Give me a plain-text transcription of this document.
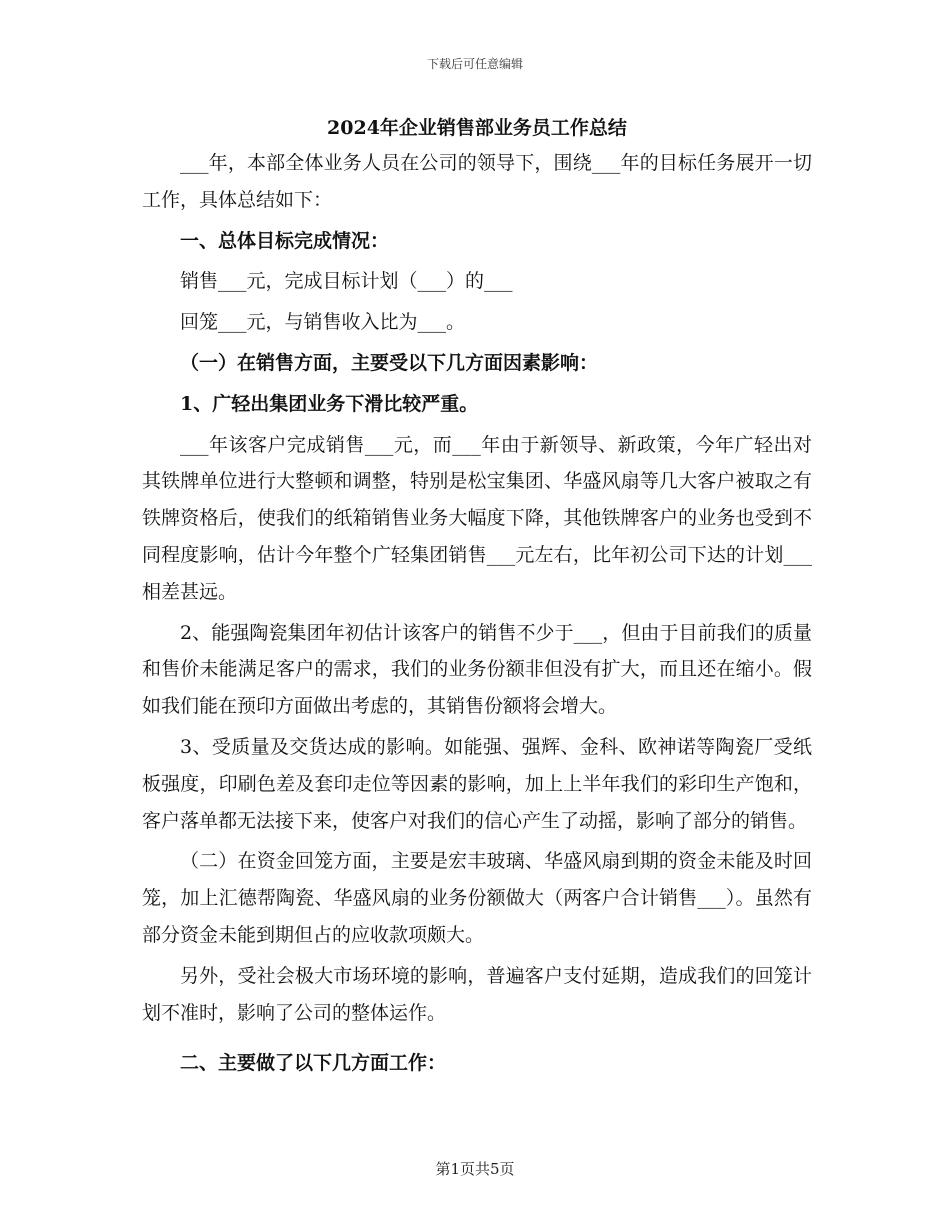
下载后可任意编辑
2024年企业销售部业务员工作总结

___年，本部全体业务人员在公司的领导下，围绕___年的目标任务展开一切工作，具体总结如下：

一、总体目标完成情况：

销售___元，完成目标计划（___）的___

回笼___元，与销售收入比为___。

（一）在销售方面，主要受以下几方面因素影响：

1、广轻出集团业务下滑比较严重。

___年该客户完成销售___元，而___年由于新领导、新政策，今年广轻出对其铁牌单位进行大整顿和调整，特别是松宝集团、华盛风扇等几大客户被取之有铁牌资格后，使我们的纸箱销售业务大幅度下降，其他铁牌客户的业务也受到不同程度影响，估计今年整个广轻集团销售___元左右，比年初公司下达的计划___相差甚远。

2、能强陶瓷集团年初估计该客户的销售不少于___，但由于目前我们的质量和售价未能满足客户的需求，我们的业务份额非但没有扩大，而且还在缩小。假如我们能在预印方面做出考虑的，其销售份额将会增大。

3、受质量及交货达成的影响。如能强、强辉、金科、欧神诺等陶瓷厂受纸板强度，印刷色差及套印走位等因素的影响，加上上半年我们的彩印生产饱和，客户落单都无法接下来，使客户对我们的信心产生了动摇，影响了部分的销售。

（二）在资金回笼方面，主要是宏丰玻璃、华盛风扇到期的资金未能及时回笼，加上汇德帮陶瓷、华盛风扇的业务份额做大（两客户合计销售___）。虽然有部分资金未能到期但占的应收款项颇大。

另外，受社会极大市场环境的影响，普遍客户支付延期，造成我们的回笼计划不准时，影响了公司的整体运作。

二、主要做了以下几方面工作：

第1页共5页
